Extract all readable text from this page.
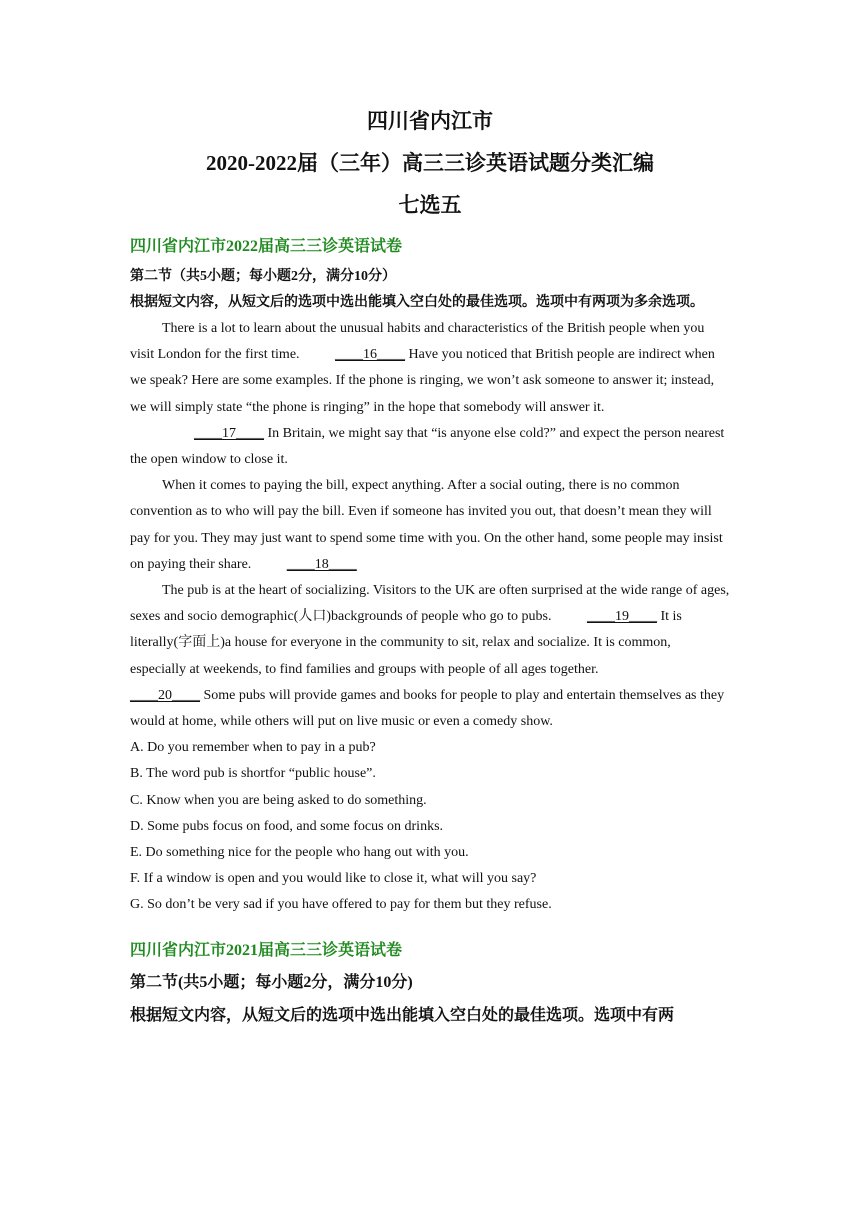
四川省内江市
2020-2022届（三年）高三三诊英语试题分类汇编
七选五
四川省内江市2022届高三三诊英语试卷
第二节（共5小题；每小题2分，满分10分）
根据短文内容，从短文后的选项中选出能填入空白处的最佳选项。选项中有两项为多余选项。

There is a lot to learn about the unusual habits and characteristics of the British people when you visit London for the first time. ____16____ Have you noticed that British people are indirect when we speak? Here are some examples. If the phone is ringing, we won’t ask someone to answer it; instead, we will simply state “the phone is ringing” in the hope that somebody will answer it.

____17____ In Britain, we might say that “is anyone else cold?” and expect the person nearest the open window to close it.

When it comes to paying the bill, expect anything. After a social outing, there is no common convention as to who will pay the bill. Even if someone has invited you out, that doesn’t mean they will pay for you. They may just want to spend some time with you. On the other hand, some people may insist on paying their share. ____18____

The pub is at the heart of socializing. Visitors to the UK are often surprised at the wide range of ages, sexes and socio demographic(人口)backgrounds of people who go to pubs. ____19____ It is literally(字面上)a house for everyone in the community to sit, relax and socialize. It is common, especially at weekends, to find families and groups with people of all ages together.

____20____ Some pubs will provide games and books for people to play and entertain themselves as they would at home, while others will put on live music or even a comedy show.

A. Do you remember when to pay in a pub?
B. The word pub is shortfor “public house”.
C. Know when you are being asked to do something.
D. Some pubs focus on food, and some focus on drinks.
E. Do something nice for the people who hang out with you.
F. If a window is open and you would like to close it, what will you say?
G. So don’t be very sad if you have offered to pay for them but they refuse.
四川省内江市2021届高三三诊英语试卷
第二节(共5小题；每小题2分，满分10分)
根据短文内容，从短文后的选项中选出能填入空白处的最佳选项。选项中有两
